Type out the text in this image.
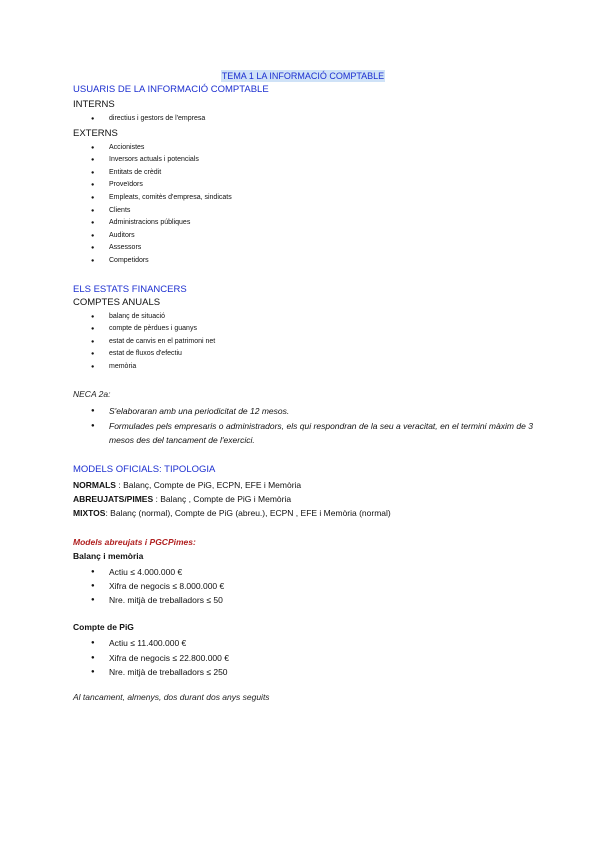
TEMA 1 LA INFORMACIÓ COMPTABLE

USUARIS DE LA INFORMACIÓ COMPTABLE

INTERNS

● directius i gestors de l'empresa

EXTERNS

● Accionistes
● Inversors actuals i potencials
● Entitats de crèdit
● Proveïdors
● Empleats, comitès d'empresa, sindicats
● Clients
● Administracions públiques
● Auditors
● Assessors
● Competidors

ELS ESTATS FINANCERS

COMPTES ANUALS

● balanç de situació
● compte de pèrdues i guanys
● estat de canvis en el patrimoni net
● estat de fluxos d'efectiu
● memòria

NECA 2a:

● S'elaboraran amb una periodicitat de 12 mesos.
● Formulades pels empresaris o administradors, els qui respondran de la seu a veracitat, en el termini màxim de 3 mesos des del tancament de l'exercici.

MODELS OFICIALS: TIPOLOGIA

NORMALS : Balanç, Compte de PiG, ECPN, EFE i Memòria

ABREUJATS/PIMES : Balanç , Compte de PiG i Memòria

MIXTOS: Balanç (normal), Compte de PiG (abreu.), ECPN , EFE i Memòria (normal)

Models abreujats i PGCPimes:

Balanç i memòria

● Actiu ≤ 4.000.000 €
● Xifra de negocis ≤ 8.000.000 €
● Nre. mitjà de treballadors ≤ 50

Compte de PiG

● Actiu ≤ 11.400.000 €
● Xifra de negocis ≤ 22.800.000 €
● Nre. mitjà de treballadors ≤ 250

Al tancament, almenys, dos durant dos anys seguits
